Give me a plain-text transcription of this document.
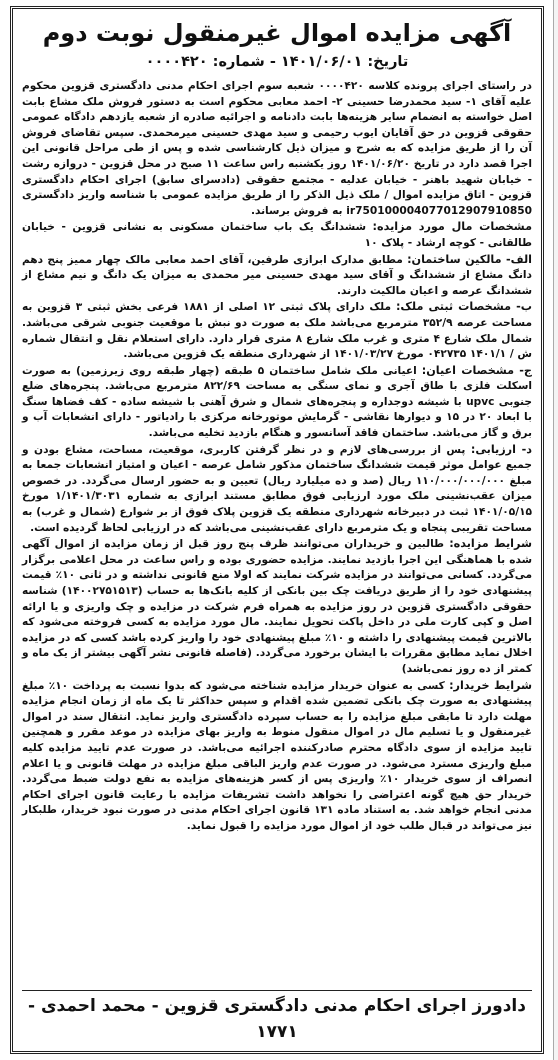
آگهی مزایده اموال غیرمنقول نوبت دوم
تاریخ: ۱۴۰۱/۰۶/۰۱ - شماره: ۰۰۰۰۴۲۰

در راستای اجرای پرونده کلاسه ۰۰۰۰۴۲۰ شعبه سوم اجرای احکام مدنی دادگستری قزوین محکوم علیه آقای ۱- سید محمدرضا حسینی ۲- احمد معابی محکوم است به دستور فروش ملک مشاع بابت اصل خواسته به انضمام سایر هزینه‌ها بابت دادنامه و اجرائیه صادره از شعبه یازدهم دادگاه عمومی حقوقی قزوین در حق آقایان ایوب رحیمی و سید مهدی حسینی میرمحمدی. سپس تقاضای فروش آن را از طریق مزایده که به شرح و میزان ذیل کارشناسی شده و پس از طی مراحل قانونی این اجرا قصد دارد در تاریخ ۱۴۰۱/۰۶/۲۰ روز یکشنبه راس ساعت ۱۱ صبح در محل قزوین - دروازه رشت - خیابان شهید باهنر - خیابان عدلیه - مجتمع حقوقی (دادسرای سابق) اجرای احکام دادگستری قزوین - اتاق مزایده اموال / ملک ذیل الذکر را از طریق مزایده عمومی با شناسه واریز دادگستری ir750100004077012907910850 به فروش برساند.

مشخصات مال مورد مزایده: ششدانگ یک باب ساختمان مسکونی به نشانی قزوین - خیابان طالقانی - کوچه ارشاد - پلاک ۱۰

الف- مالکین ساختمان: مطابق مدارک ابرازی طرفین، آقای احمد معابی مالک چهار ممیز پنج دهم دانگ مشاع از ششدانگ و آقای سید مهدی حسینی میر محمدی به میزان یک دانگ و نیم مشاع از ششدانگ عرصه و اعیان مالکیت دارند.

ب- مشخصات ثبتی ملک: ملک دارای پلاک ثبتی ۱۲ اصلی از ۱۸۸۱ فرعی بخش ثبتی ۳ قزوین به مساحت عرصه ۳۵۲/۹ مترمربع می‌باشد ملک به صورت دو نبش با موقعیت جنوبی شرقی می‌باشد. شمال ملک شارع ۴ متری و غرب ملک شارع ۸ متری قرار دارد. دارای استعلام نقل و انتقال شماره ش / ۱۴۰۱/۱ ۰۴۲۷۳۵ مورخ ۱۴۰۱/۰۳/۲۷ از شهرداری منطقه یک قزوین می‌باشد.

ج- مشخصات اعیان: اعیانی ملک شامل ساختمان ۵ طبقه (چهار طبقه روی زیرزمین) به صورت اسکلت فلزی با طاق آجری و نمای سنگی به مساحت ۸۲۲/۶۹ مترمربع می‌باشد. پنجره‌های ضلع جنوبی upvc با شیشه دوجداره و پنجره‌های شمال و شرق آهنی با شیشه ساده - کف فضاها سنگ با ابعاد ۲۰ در ۱۵ و دیوارها نقاشی - گرمایش موتورخانه مرکزی با رادیاتور - دارای انشعابات آب و برق و گاز می‌باشد. ساختمان فاقد آسانسور و هنگام بازدید تخلیه می‌باشد.

د- ارزیابی: پس از بررسی‌های لازم و در نظر گرفتن کاربری، موقعیت، مساحت، مشاع بودن و جمیع عوامل موثر قیمت ششدانگ ساختمان مذکور شامل عرصه - اعیان و امتیاز انشعابات جمعا به مبلغ ۱۱۰/۰۰۰/۰۰۰/۰۰۰ ریال (صد و ده میلیارد ریال) تعیین و به حضور ارسال می‌گردد. در خصوص میزان عقب‌نشینی ملک مورد ارزیابی فوق مطابق مستند ابرازی به شماره ۱/۱۴۰۱/۳۰۳۱ مورخ ۱۴۰۱/۰۵/۱۵ ثبت در دبیرخانه شهرداری منطقه یک قزوین پلاک فوق از بر شوارع (شمال و غرب) به مساحت تقریبی پنجاه و یک مترمربع دارای عقب‌نشینی می‌باشد که در ارزیابی لحاظ گردیده است.

شرایط مزایده: طالبین و خریداران می‌توانند ظرف پنج روز قبل از زمان مزایده از اموال آگهی شده با هماهنگی این اجرا بازدید نمایند. مزایده حضوری بوده و راس ساعت در محل اعلامی برگزار می‌گردد. کسانی می‌توانند در مزایده شرکت نمایند که اولا منع قانونی نداشته و در ثانی ۱۰٪ قیمت پیشنهادی خود را از طریق دریافت چک بین بانکی از کلیه بانک‌ها به حساب (۱۴۰۰۲۷۵۱۵۱۳) شناسه حقوقی دادگستری قزوین در روز مزایده به همراه فرم شرکت در مزایده و چک واریزی و یا ارائه اصل و کپی کارت ملی در داخل پاکت تحویل نمایند. مال مورد مزایده به کسی فروخته می‌شود که بالاترین قیمت پیشنهادی را داشته و ۱۰٪ مبلغ پیشنهادی خود را واریز کرده باشد کسی که در مزایده اخلال نماید مطابق مقررات با ایشان برخورد می‌گردد. (فاصله قانونی نشر آگهی بیشتر از یک ماه و کمتر از ده روز نمی‌باشد)

شرایط خریدار: کسی به عنوان خریدار مزایده شناخته می‌شود که بدوا نسبت به پرداخت ۱۰٪ مبلغ پیشنهادی به صورت چک بانکی تضمین شده اقدام و سپس حداکثر تا یک ماه از زمان انجام مزایده مهلت دارد تا مابقی مبلغ مزایده را به حساب سپرده دادگستری واریز نماید. انتقال سند در اموال غیرمنقول و یا تسلیم مال در اموال منقول منوط به واریز بهای مزایده در موعد مقرر و همچنین تایید مزایده از سوی دادگاه محترم صادرکننده اجرائیه می‌باشد. در صورت عدم تایید مزایده کلیه مبلغ واریزی مسترد می‌شود. در صورت عدم واریز الباقی مبلغ مزایده در مهلت قانونی و یا اعلام انصراف از سوی خریدار ۱۰٪ واریزی پس از کسر هزینه‌های مزایده به نفع دولت ضبط می‌گردد. خریدار حق هیچ گونه اعتراضی را نخواهد داشت تشریفات مزایده با رعایت قانون اجرای احکام مدنی انجام خواهد شد. به استناد ماده ۱۳۱ قانون اجرای احکام مدنی در صورت نبود خریدار، طلبکار نیز می‌تواند در قبال طلب خود از اموال مورد مزایده را قبول نماید.

دادورز اجرای احکام مدنی دادگستری قزوین - محمد احمدی - ۱۷۷۱
